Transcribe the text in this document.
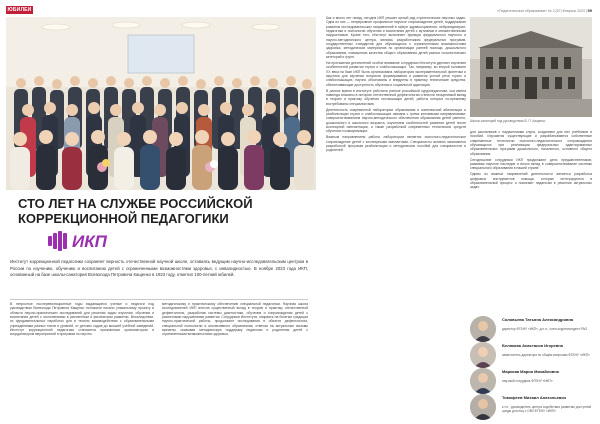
«Педагогическое образование» № 2 (67) Февраль 2023 | 59
ЮБИЛЕИ
СТО ЛЕТ НА СЛУЖБЕ РОССИЙСКОЙ КОРРЕКЦИОННОЙ ПЕДАГОГИКИ
ИКП
Институт коррекционной педагогики сохраняет верность отечественной научной школе, оставаясь ведущим научно-исследовательским центром в России по изучению, обучению и воспитанию детей с ограниченными возможностями здоровья, с инвалидностью. В ноябре 2023 года ИКП, основанный на базе школы-санатория Всеволода Петровича Кащенко в 1923 году, отметил 100-летний юбилей.

В непростые послереволюционные годы выдающиеся ученые и педагоги под руководством Всеволода Петровича Кащенко положили начало уникальному проекту в области научно-практических исследований для решения задач изучения, обучения и воспитания детей с отклонениями в умственном и физическом развитии. Впоследствии, из фундаментальных наработок для в тесном взаимодействии с образовательными учреждениями разных типов и уровней, от детских садов до высшей учебной заведений. Институт коррекционной педагогики становится признанным организатором и координатором мероприятий и программ по научно-

методическому и практическому обеспечению специальной педагогики. Научная школа исследователей ИКП внесла существенный вклад в теорию и практику отечественной дефектологии, разработав системы диагностики, обучения и сопровождения детей с различными нарушениями развития. Сотрудники Института, опираясь на богатые традиции научно-практической работы, продолжают исследования в области дефектологии, специальной психологии и инклюзивного образования, отвечая на актуальные вызовы времени, оказывая методическую поддержку педагогам и родителям детей с ограниченными возможностями здоровья.

Как и много лет назад, сегодня ИКП решает целый ряд стратегических научных задач. Одна из них — непрерывное профильное научное сопровождение детей, поддержание развития исследовательских направлений в сфере здравоохранения, нейропедиатрии, педагогики и психологии обучения и воспитания детей с аутизмом и множественными нарушениями. Кроме того, Институт выполняет функции федерального научного и научно-методического центра, являясь разработчиком федеральных программ, государственных стандартов для обучающихся с ограниченными возможностями здоровья, методических материалов по организации ранней помощи, дошкольного образования, повышению качества общего образования детей разных нозологических категорий и групп.

На протяжении десятилетий особое внимание сотрудники Института уделяют изучению особенностей развития глухих и слабослышащих. Так, например, во второй половине XX века на базе ИКП была организована лаборатория экспериментальной фонетики и акустики для изучения вопросов формирования и развития устной речи глухих и слабослышащих, научно обоснованы и внедрены в практику технические средства, обеспечивающие доступность обучения и социальной адаптации.

В разное время в институте работали ученые российской сурдопедагогики, чьи имена навсегда вписаны в историю отечественной дефектологии и внесли неоценимый вклад в теорию и практику обучения неслышащих детей, работы которых по-прежнему востребованы специалистами.

Деятельность современной лаборатории образования и комплексной абилитации и реабилитации глухих и слабослышащих связана с тремя ключевыми направлениями: совершенствованием научно-методического обеспечения образования детей раннего, дошкольного и школьного возраста, изучением особенностей развития детей после кохлеарной имплантации, а также разработкой современных технических средств обучения и коммуникации.

Важным направлением работы лаборатории является психолого-педагогическое сопровождение детей с кохлеарными имплантами. Специалисты активно занимаются разработкой программ реабилитации и методических пособий для специалистов и родителей.

Школа-санаторий под руководством В. П. Кащенко

для школьников с нарушениями слуха, созданием для них учебников и пособий. Изучаются существующие и разрабатываются собственные современные технологии психолого-педагогического сопровождения обучающихся при реализации федеральных адаптированных образовательных программ дошкольного, начального, основного общего образования.

Сегодняшние сотрудники ИКП продолжают дело предшественников, развивая научное наследие и внося вклад в совершенствование системы специального образования в нашей стране.

Одним из важных направлений деятельности является разработка цифровых инструментов помощи, которые интегрируются в образовательный процесс и помогают педагогам в решении актуальных задач.

Соловьева Татьяна Александровна
директор ФГБНУ «ИКП», д.п.н., член-корреспондент РАО
Белякова Анастасия Игоревна
заместитель директора по общим вопросам ФГБНУ «ИКП»
Маркова Мария Михайловна
научный сотрудник ФГБНУ «ИКП»
Тимофеев Михаил Анатольевич
к.т.н., руководитель центра содействия развитию доступной среды для лиц с ОВЗ ФГБНУ «ИКП»
